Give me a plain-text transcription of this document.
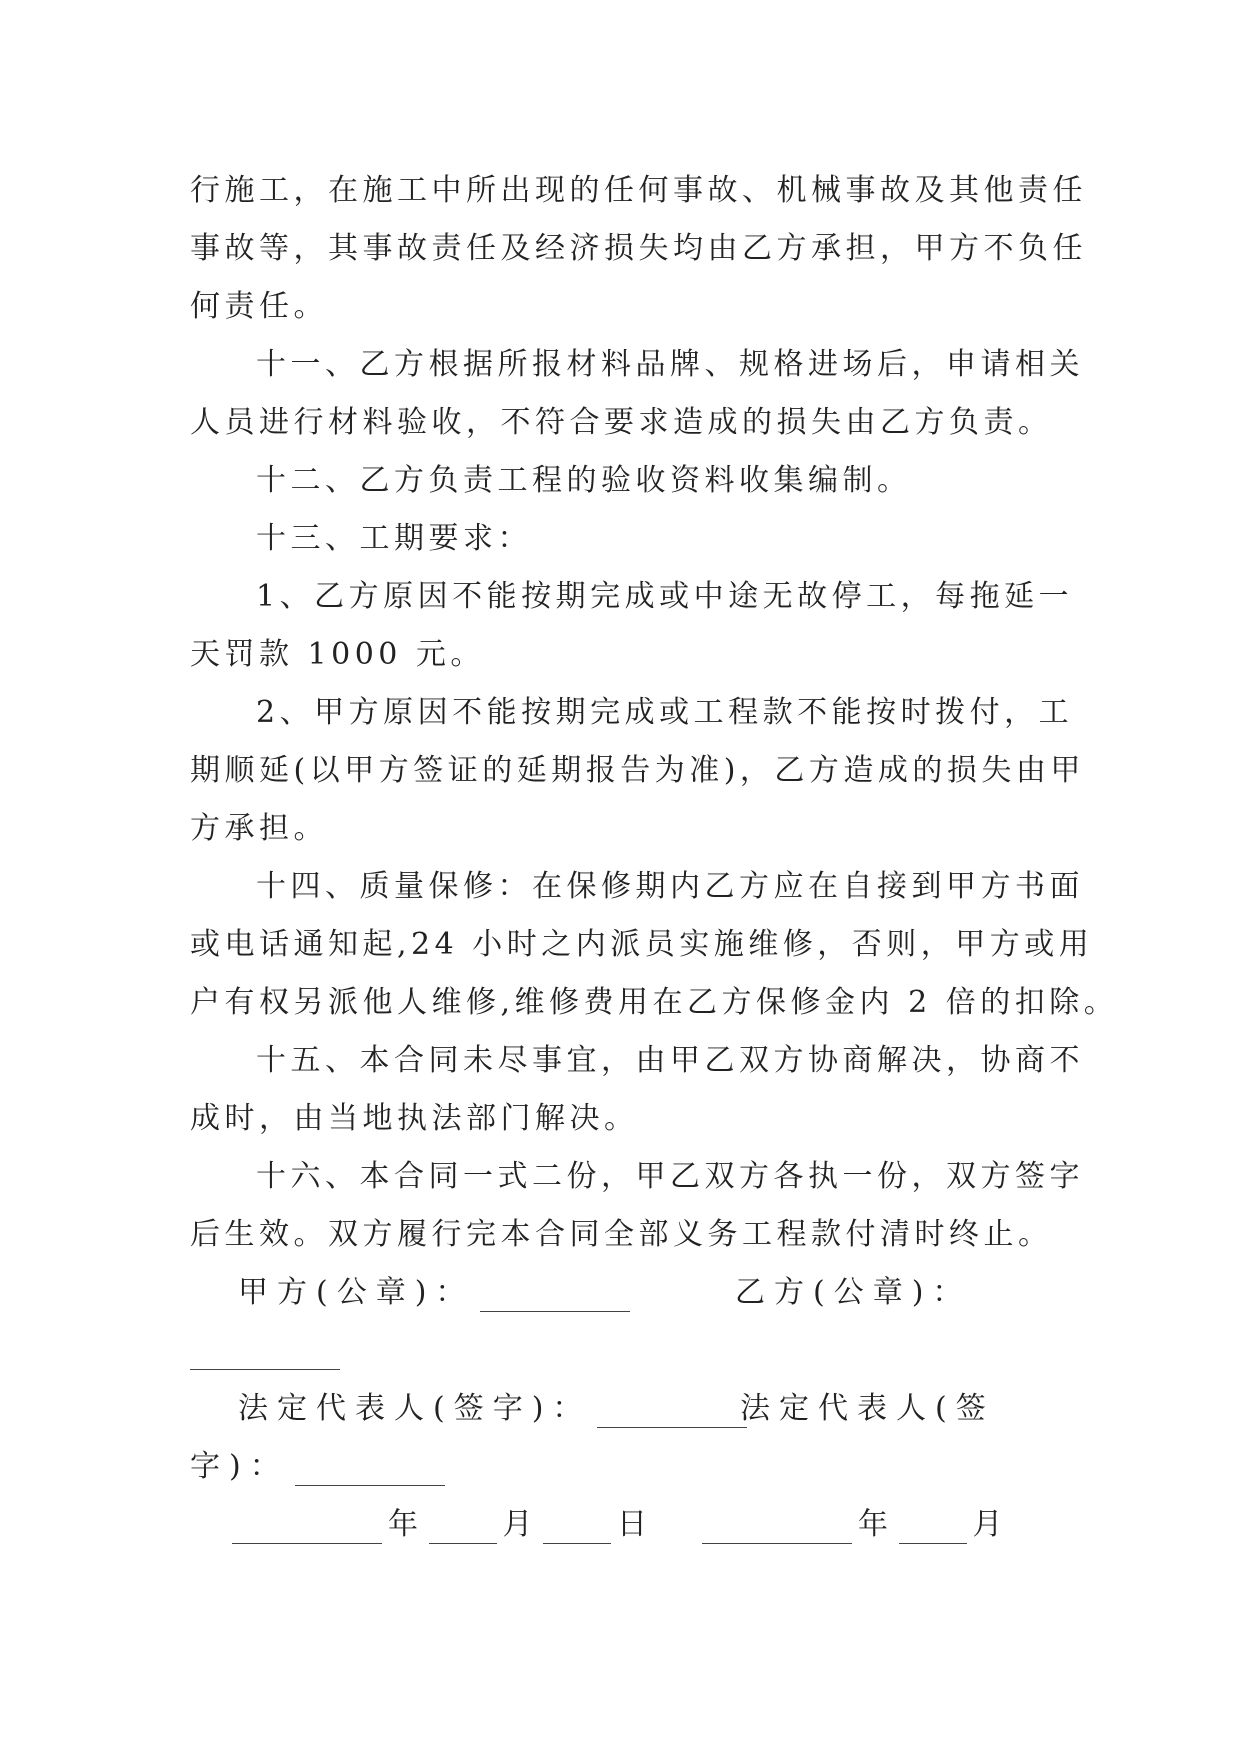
行施工，在施工中所出现的任何事故、机械事故及其他责任
事故等，其事故责任及经济损失均由乙方承担，甲方不负任
何责任。
十一、乙方根据所报材料品牌、规格进场后，申请相关
人员进行材料验收，不符合要求造成的损失由乙方负责。
十二、乙方负责工程的验收资料收集编制。
十三、工期要求：
1、乙方原因不能按期完成或中途无故停工，每拖延一
天罚款 1000 元。
2、甲方原因不能按期完成或工程款不能按时拨付，工
期顺延(以甲方签证的延期报告为准)，乙方造成的损失由甲
方承担。
十四、质量保修：在保修期内乙方应在自接到甲方书面
或电话通知起,24 小时之内派员实施维修，否则，甲方或用
户有权另派他人维修,维修费用在乙方保修金内 2 倍的扣除。
十五、本合同未尽事宜，由甲乙双方协商解决，协商不
成时，由当地执法部门解决。
十六、本合同一式二份，甲乙双方各执一份，双方签字
后生效。双方履行完本合同全部义务工程款付清时终止。
甲方(公章)：	乙方(公章)：
法定代表人(签字)：	法定代表人(签
字)：
年	月	日	年	月
